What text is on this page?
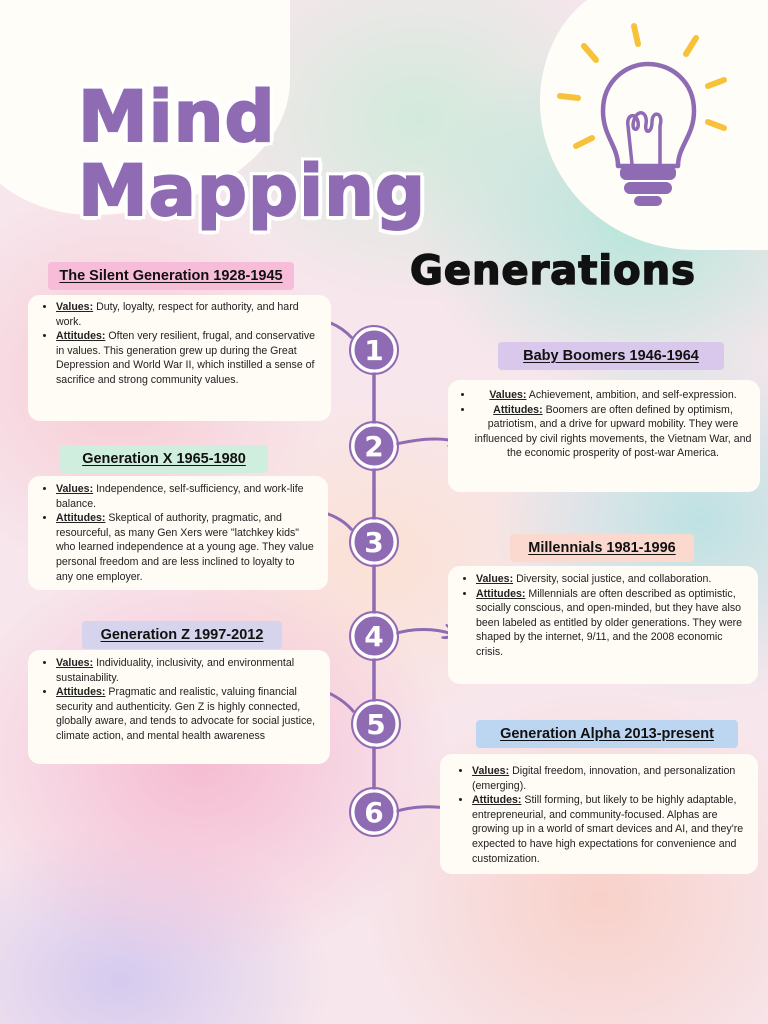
Mind
Mapping
Generations
1
2
3
4
5
6
The Silent Generation 1928-1945
• Values: Duty, loyalty, respect for authority, and hard work.
• Attitudes: Often very resilient, frugal, and conservative in values. This generation grew up during the Great Depression and World War II, which instilled a sense of sacrifice and strong community values.
Baby Boomers 1946-1964
• Values: Achievement, ambition, and self-expression.
• Attitudes: Boomers are often defined by optimism, patriotism, and a drive for upward mobility. They were influenced by civil rights movements, the Vietnam War, and the economic prosperity of post-war America.
Generation X 1965-1980
• Values: Independence, self-sufficiency, and work-life balance.
• Attitudes: Skeptical of authority, pragmatic, and resourceful, as many Gen Xers were "latchkey kids" who learned independence at a young age. They value personal freedom and are less inclined to loyalty to any one employer.
Millennials 1981-1996
• Values: Diversity, social justice, and collaboration.
• Attitudes: Millennials are often described as optimistic, socially conscious, and open-minded, but they have also been labeled as entitled by older generations. They were shaped by the internet, 9/11, and the 2008 economic crisis.
Generation Z 1997-2012
• Values: Individuality, inclusivity, and environmental sustainability.
• Attitudes: Pragmatic and realistic, valuing financial security and authenticity. Gen Z is highly connected, globally aware, and tends to advocate for social justice, climate action, and mental health awareness	Generation Alpha 2013-present
• Values: Digital freedom, innovation, and personalization (emerging).
• Attitudes: Still forming, but likely to be highly adaptable, entrepreneurial, and community-focused. Alphas are growing up in a world of smart devices and AI, and they're expected to have high expectations for convenience and customization.
